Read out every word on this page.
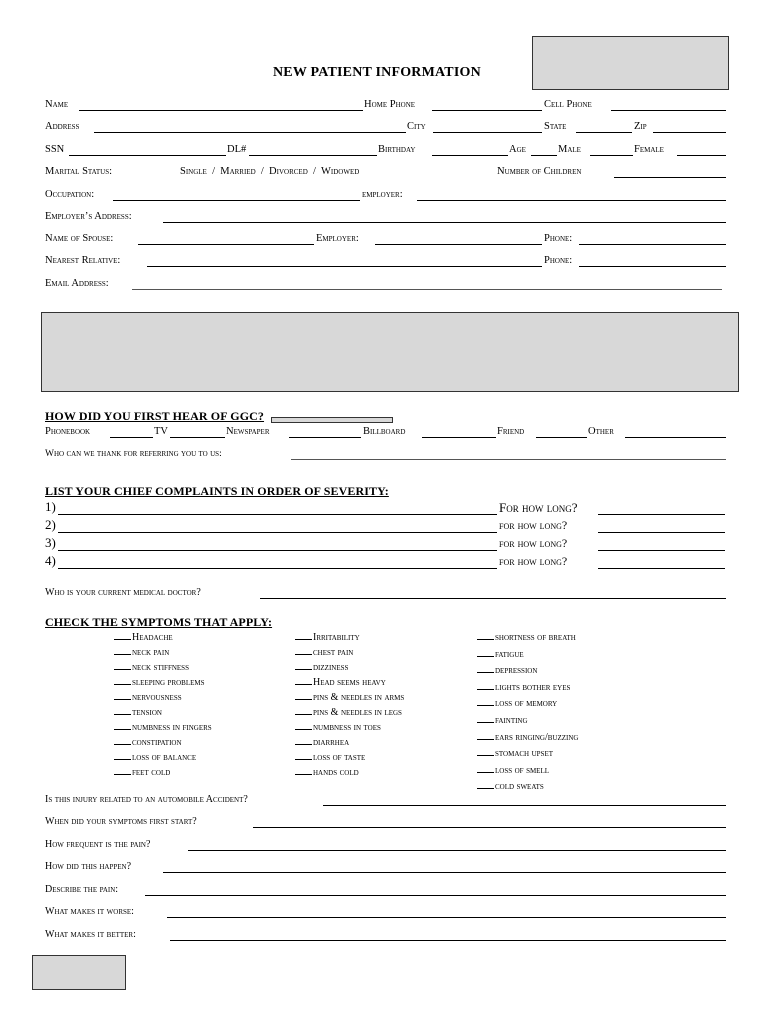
NEW PATIENT INFORMATION
Name	Home Phone	Cell Phone
Address	City	State	Zip
SSN	DL#	Birthday	Age	Male	Female
Marital Status:	Single  /  Married  /  Divorced  /  Widowed	Number of Children
Occupation:	employer:
Employer’s Address:
Name of Spouse:	Employer:	Phone:
Nearest Relative:	Phone:
Email Address:
HOW DID YOU FIRST HEAR OF GGC?
Phonebook	TV	Newspaper	Billboard	Friend	Other
Who can we thank for referring you to us:
LIST YOUR CHIEF COMPLAINTS IN ORDER OF SEVERITY:
1)	For how long?
2)	for how long?
3)	for how long?
4)	for how long?
Who is your current medical doctor?
CHECK THE SYMPTOMS THAT APPLY:
Headache
neck pain
neck stiffness
sleeping problems
nervousness
tension
numbness in fingers
constipation
loss of balance
feet cold
Irritability
chest pain
dizziness
Head seems heavy
pins & needles in arms
pins & needles in legs
numbness in toes
diarrhea
loss of taste
hands cold
shortness of breath
fatigue
depression
lights bother eyes
loss of memory
fainting
ears ringing/buzzing
stomach upset
loss of smell
cold sweats
Is this injury related to an automobile Accident?
When did your symptoms first start?
How frequent is the pain?
How did this happen?
Describe the pain:
What makes it worse:
What makes it better:
